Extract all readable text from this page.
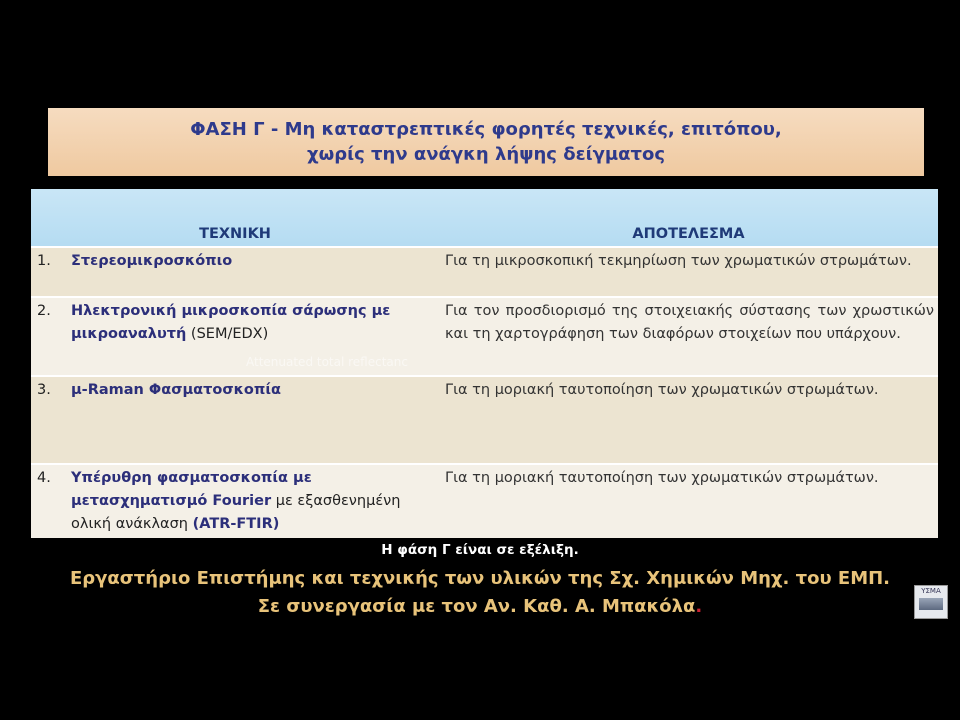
ΦΑΣΗ Γ - Μη καταστρεπτικές φορητές τεχνικές, επιτόπου,
χωρίς την ανάγκη λήψης δείγματος
ΤΕΧΝΙΚΗ		ΑΠΟΤΕΛΕΣΜΑ
1.	Στερεομικροσκόπιο	Για τη μικροσκοπική τεκμηρίωση των χρωματικών στρωμάτων.
2.	Ηλεκτρονική μικροσκοπία σάρωσης με μικροαναλυτή (SEM/EDX)	Για τον προσδιορισμό της στοιχειακής σύστασης των χρωστικών και τη χαρτογράφηση των διαφόρων στοιχείων που υπάρχουν.
3.	μ-Raman Φασματοσκοπία	Για τη μοριακή ταυτοποίηση των χρωματικών στρωμάτων.
4.	Υπέρυθρη φασματοσκοπία με μετασχηματισμό Fourier με εξασθενημένη ολική ανάκλαση (ATR-FTIR)	Για τη μοριακή ταυτοποίηση των χρωματικών στρωμάτων.
Attenuated total reflectanc
Η φάση Γ είναι σε εξέλιξη.
Εργαστήριο Επιστήμης και τεχνικής των υλικών της Σχ. Χημικών Μηχ. του ΕΜΠ.
Σε συνεργασία με τον Αν. Καθ. Α. Μπακόλα.
ΥΣΜΑ
